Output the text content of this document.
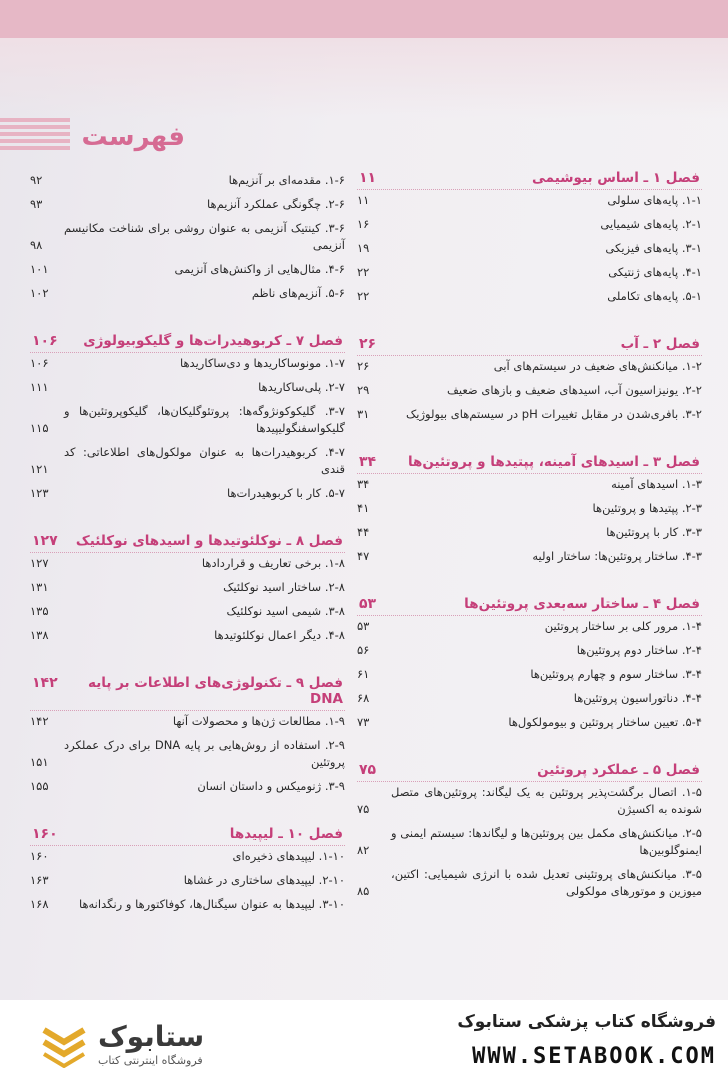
فهرست
فصل ۱ ـ اساس بیوشیمی
۱۱
۱-۱. پایه‌های سلولی
۱۱
۲-۱. پایه‌های شیمیایی
۱۶
۳-۱. پایه‌های فیزیکی
۱۹
۴-۱. پایه‌های ژنتیکی
۲۲
۵-۱. پایه‌های تکاملی
۲۲
فصل ۲ ـ آب
۲۶
۱-۲. میانکنش‌های ضعیف در سیستم‌های آبی
۲۶
۲-۲. یونیزاسیون آب، اسیدهای ضعیف و بازهای ضعیف
۲۹
۳-۲. بافری‌شدن در مقابل تغییرات pH در سیستم‌های بیولوژیک
۳۱
فصل ۳ ـ اسیدهای آمینه، پپتیدها و پروتئین‌ها
۳۴
۱-۳. اسیدهای آمینه
۳۴
۲-۳. پپتیدها و پروتئین‌ها
۴۱
۳-۳. کار با پروتئین‌ها
۴۴
۴-۳. ساختار پروتئین‌ها: ساختار اولیه
۴۷
فصل ۴ ـ ساختار سه‌بعدی پروتئین‌ها
۵۳
۱-۴. مرور کلی بر ساختار پروتئین
۵۳
۲-۴. ساختار دوم پروتئین‌ها
۵۶
۳-۴. ساختار سوم و چهارم پروتئین‌ها
۶۱
۴-۴. دناتوراسیون پروتئین‌ها
۶۸
۵-۴. تعیین ساختار پروتئین و بیومولکول‌ها
۷۳
فصل ۵ ـ عملکرد پروتئین
۷۵
۱-۵. اتصال برگشت‌پذیر پروتئین به یک لیگاند: پروتئین‌های متصل شونده به اکسیژن
۷۵
۲-۵. میانکنش‌های مکمل بین پروتئین‌ها و لیگاندها: سیستم ایمنی و ایمنوگلوبین‌ها
۸۲
۳-۵. میانکنش‌های پروتئینی تعدیل شده با انرژی شیمیایی: اکتین، میوزین و موتورهای مولکولی
۸۵
۱-۶. مقدمه‌ای بر آنزیم‌ها
۹۲
۲-۶. چگونگی عملکرد آنزیم‌ها
۹۳
۳-۶. کینتیک آنزیمی به عنوان روشی برای شناخت مکانیسم آنزیمی
۹۸
۴-۶. مثال‌هایی از واکنش‌های آنزیمی
۱۰۱
۵-۶. آنزیم‌های ناظم
۱۰۲
فصل ۷ ـ کربوهیدرات‌ها و گلیکوبیولوژی
۱۰۶
۱-۷. مونوساکاریدها و دی‌ساکاریدها
۱۰۶
۲-۷. پلی‌ساکاریدها
۱۱۱
۳-۷. گلیکوکونژوگه‌ها: پروتئوگلیکان‌ها، گلیکوپروتئین‌ها و گلیکواسفنگولیپیدها
۱۱۵
۴-۷. کربوهیدرات‌ها به عنوان مولکول‌های اطلاعاتی: کد قندی
۱۲۱
۵-۷. کار با کربوهیدرات‌ها
۱۲۳
فصل ۸ ـ نوکلئوتیدها و اسیدهای نوکلئیک
۱۲۷
۱-۸. برخی تعاریف و قراردادها
۱۲۷
۲-۸. ساختار اسید نوکلئیک
۱۳۱
۳-۸. شیمی اسید نوکلئیک
۱۳۵
۴-۸. دیگر اعمال نوکلئوتیدها
۱۳۸
فصل ۹ ـ تکنولوژی‌های اطلاعات بر پایه DNA
۱۴۲
۱-۹. مطالعات ژن‌ها و محصولات آنها
۱۴۲
۲-۹. استفاده از روش‌هایی بر پایه DNA برای درک عملکرد پروتئین
۱۵۱
۳-۹. ژنومیکس و داستان انسان
۱۵۵
فصل ۱۰ ـ لیپیدها
۱۶۰
۱-۱۰. لیپیدهای ذخیره‌ای
۱۶۰
۲-۱۰. لیپیدهای ساختاری در غشاها
۱۶۳
۳-۱۰. لیپیدها به عنوان سیگنال‌ها، کوفاکتورها و رنگدانه‌ها
۱۶۸
ستابوک
فروشگاه اینترنتی کتاب
فروشگاه کتاب پزشکی ستابوک
WWW.SETABOOK.COM
